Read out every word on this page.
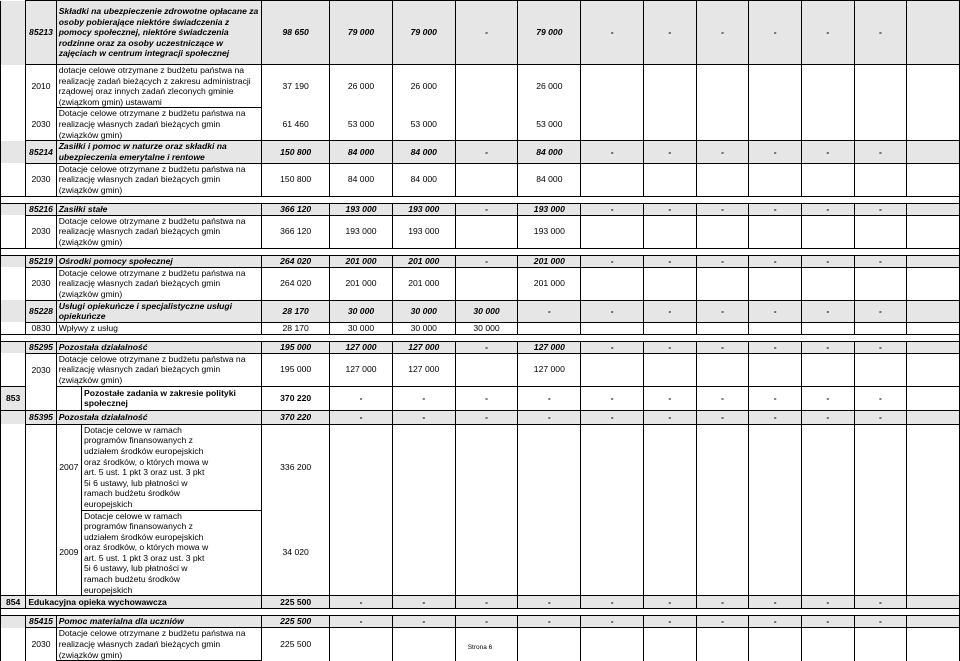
	85213	Składki na ubezpieczenie zdrowotne opłacane za osoby pobierające niektóre świadczenia z pomocy społecznej, niektóre świadczenia rodzinne oraz za osoby uczestniczące w zajęciach w centrum integracji społecznej		98 650	79 000	79 000	-	79 000	-	-	-	-	-	-	
	2010	dotacje celowe otrzymane z budżetu państwa na realizację zadań bieżących z zakresu administracji rządowej oraz innych zadań zleconych gminie (związkom gmin) ustawami		37 190	26 000	26 000		26 000							
	2030	Dotacje celowe otrzymane z budżetu państwa na realizację własnych zadań bieżących gmin (związków gmin)		61 460	53 000	53 000		53 000							
	85214	Zasiłki i pomoc w naturze oraz składki na ubezpieczenia emerytalne i rentowe		150 800	84 000	84 000	-	84 000	-	-	-	-	-	-	
	2030	Dotacje celowe otrzymane z budżetu państwa na realizację własnych zadań bieżących gmin (związków gmin)		150 800	84 000	84 000		84 000							

	85216	Zasiłki stałe		366 120	193 000	193 000	-	193 000	-	-	-	-	-	-	
	2030	Dotacje celowe otrzymane z budżetu państwa na realizację własnych zadań bieżących gmin (związków gmin)		366 120	193 000	193 000		193 000							

	85219	Ośrodki pomocy społecznej		264 020	201 000	201 000	-	201 000	-	-	-	-	-	-	
	2030	Dotacje celowe otrzymane z budżetu państwa na realizację własnych zadań bieżących gmin (związków gmin)		264 020	201 000	201 000		201 000							
	85228	Usługi opiekuńcze i specjalistyczne usługi opiekuńcze		28 170	30 000	30 000	30 000	-	-	-	-	-	-	-	
	0830	Wpływy z usług		28 170	30 000	30 000	30 000								

	85295	Pozostała działalność		195 000	127 000	127 000	-	127 000	-	-	-	-	-	-	
	2030	Dotacje celowe otrzymane z budżetu państwa na realizację własnych zadań bieżących gmin (związków gmin)		195 000	127 000	127 000		127 000							
853			Pozostałe zadania w zakresie polityki społecznej	370 220	-	-	-	-	-	-	-	-	-	-	
	85395	Pozostała działalność		370 220	-	-	-	-	-	-	-	-	-	-	
		2007	Dotacje celowe w ramach programów finansowanych z udziałem środków europejskich oraz środków, o których mowa w art. 5 ust. 1 pkt 3 oraz ust. 3 pkt 5i 6 ustawy, lub płatności w ramach budżetu środków europejskich	336 200											
		2009	Dotacje celowe w ramach programów finansowanych z udziałem środków europejskich oraz środków, o których mowa w art. 5 ust. 1 pkt 3 oraz ust. 3 pkt 5i 6 ustawy, lub płatności w ramach budżetu środków europejskich	34 020											
854	Edukacyjna opieka wychowawcza			225 500	-	-	-	-	-	-	-	-	-	-	

	85415	Pomoc materialna dla uczniów		225 500	-	-	-	-	-	-	-	-	-	-	
	2030	Dotacje celowe otrzymane z budżetu państwa na realizację własnych zadań bieżących gmin (związków gmin)		225 500												Strona 6
